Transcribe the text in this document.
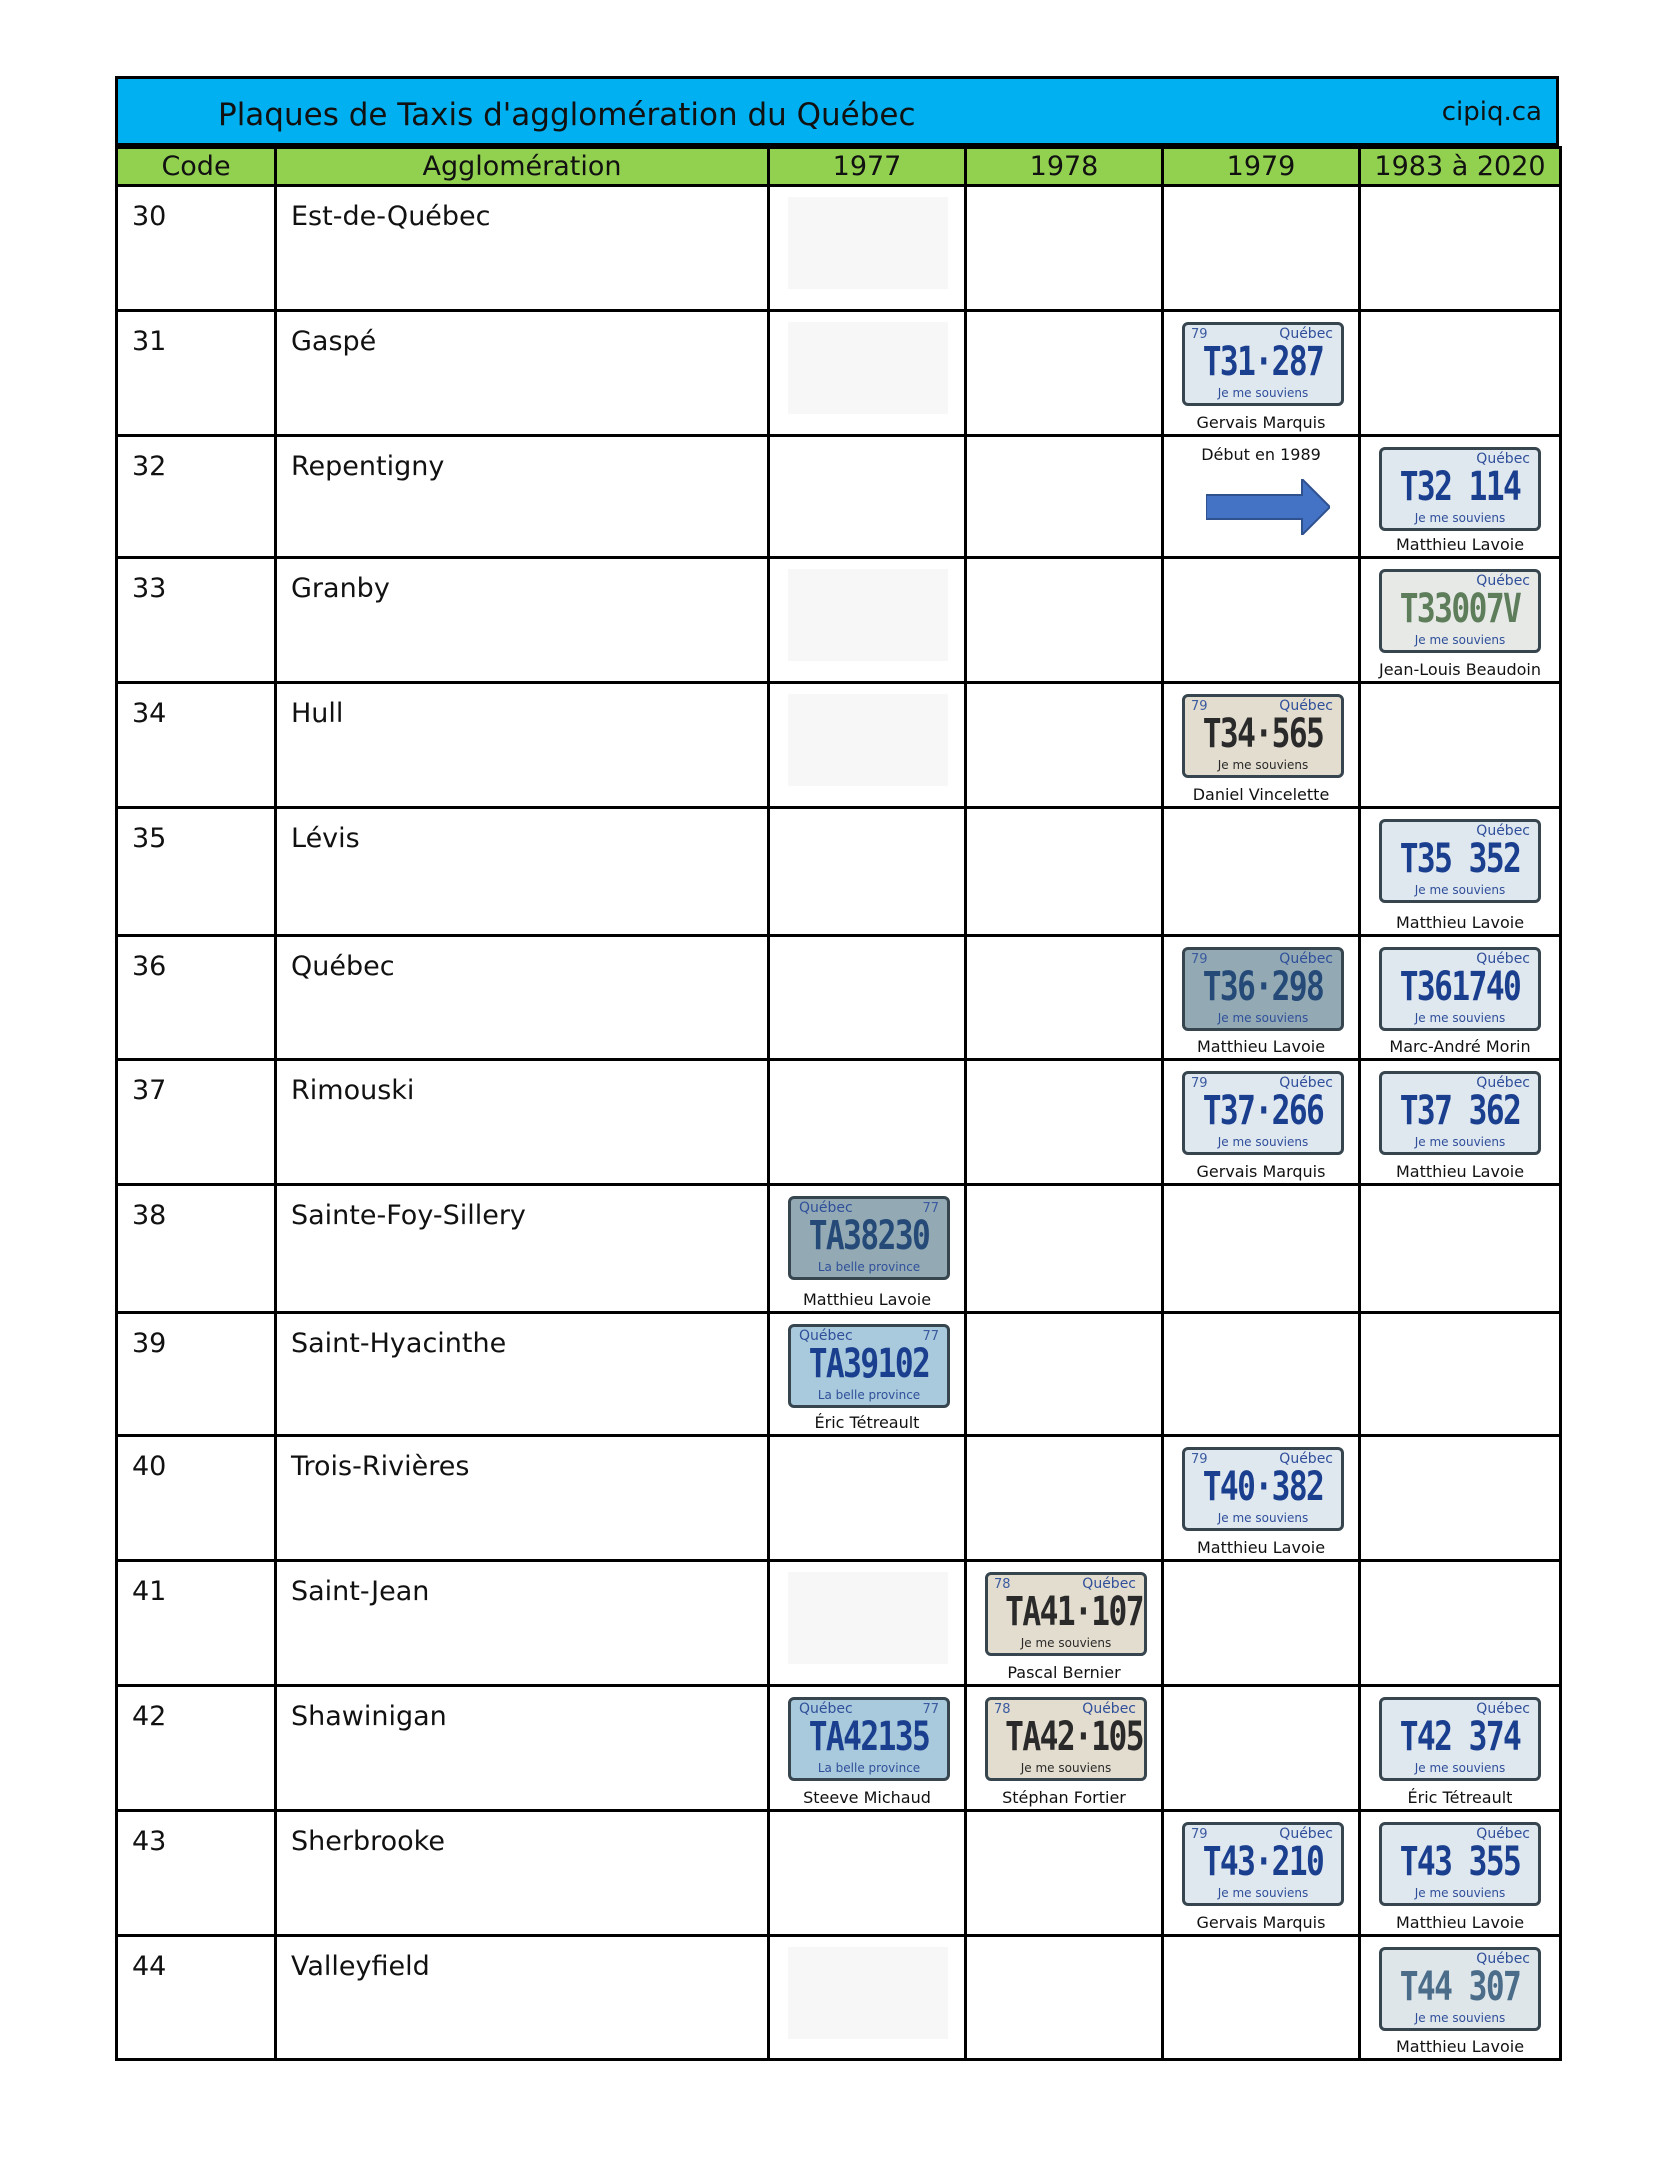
Plaques de Taxis d'agglomération du Québec	cipiq.ca
Code	Agglomération	1977	1978	1979	1983 à 2020
30	Est-de-Québec	

31	Gaspé			79 Québec
T31·287
Je me souviens
Gervais Marquis	

32	Repentigny			Début en 1989	Québec
T32 114
Je me souviens
Matthieu Lavoie

33	Granby				Québec
T33007V
Je me souviens
Jean-Louis Beaudoin

34	Hull			79 Québec
T34·565
Je me souviens
Daniel Vincelette	

35	Lévis				Québec
T35 352
Je me souviens
Matthieu Lavoie

36	Québec			79 Québec
T36·298
Je me souviens
Matthieu Lavoie	Québec
T361740
Je me souviens
Marc-André Morin

37	Rimouski			79 Québec
T37·266
Je me souviens
Gervais Marquis	Québec
T37 362
Je me souviens
Matthieu Lavoie

38	Sainte-Foy-Sillery	Québec 77
TA38230
La belle province
Matthieu Lavoie			

39	Saint-Hyacinthe	Québec 77
TA39102
La belle province
Éric Tétreault			

40	Trois-Rivières			79 Québec
T40·382
Je me souviens
Matthieu Lavoie	

41	Saint-Jean		78 Québec
TA41·107
Je me souviens
Pascal Bernier		

42	Shawinigan	Québec 77
TA42135
La belle province
Steeve Michaud	78 Québec
TA42·105
Je me souviens
Stéphan Fortier		Québec
T42 374
Je me souviens
Éric Tétreault

43	Sherbrooke			79 Québec
T43·210
Je me souviens
Gervais Marquis	Québec
T43 355
Je me souviens
Matthieu Lavoie

44	Valleyfield				Québec
T44 307
Je me souviens
Matthieu Lavoie
